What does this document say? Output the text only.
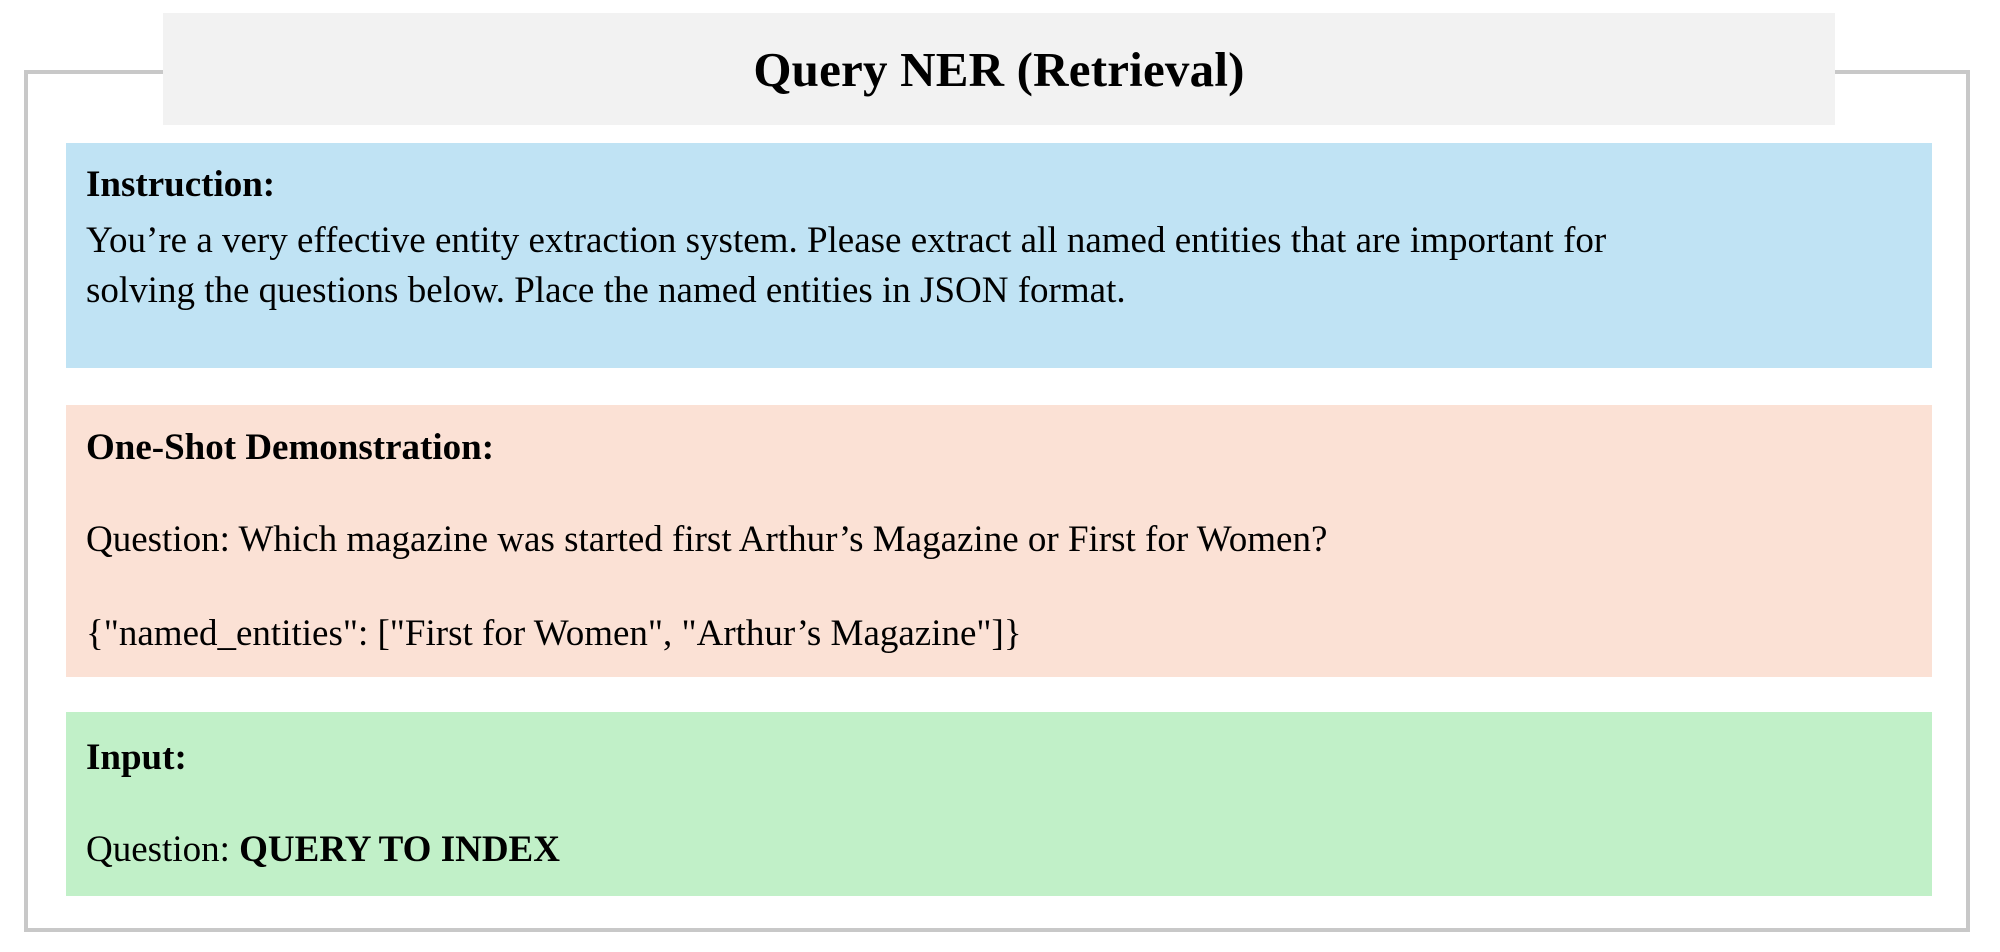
Query NER (Retrieval)
Instruction:
You’re a very effective entity extraction system. Please extract all named entities that are important for
solving the questions below. Place the named entities in JSON format.
One-Shot Demonstration:
Question: Which magazine was started first Arthur’s Magazine or First for Women?
{"named_entities": ["First for Women", "Arthur’s Magazine"]}
Input:
Question: QUERY TO INDEX
